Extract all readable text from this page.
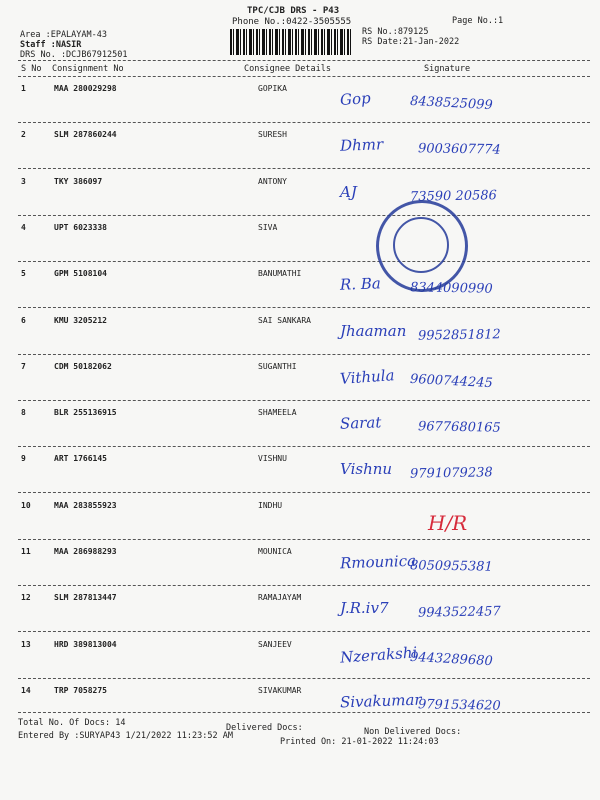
TPC/CJB DRS - P43
Phone No.:0422-3505555	Page No.:1
RS No.:879125
RS Date:21-Jan-2022
Area :EPALAYAM-43
Staff :NASIR
DRS No. :DCJB67912501
S No Consignment No	Consignee Details	Signature
1	MAA 280029298	GOPIKA
Gop	8438525099
2	SLM 287860244	SURESH
Dhmr	9003607774
3	TKY 386097	ANTONY
AJ	73590 20586
4	UPT 6023338	SIVA
5	GPM 5108104	BANUMATHI
R. Ba 8344090990
6	KMU 3205212	SAI SANKARA
Jhaaman 9952851812
7	CDM 50182062	SUGANTHI	Vithula 9600744245
8	BLR 255136915	SHAMEELA
Sarat	9677680165
9	ART 1766145	VISHNU
Vishnu 9791079238
10	MAA 283855923	INDHU
H/R
11	MAA 286988293	MOUNICA
Rmounica
8050955381
12	SLM 287813447	RAMAJAYAM
J.R.iv7 9943522457
13	HRD 389813004	SANJEEV	Nzerakshi
9443289680
14	TRP 7058275	SIVAKUMAR
Sivakumar
9791534620
Total No. Of Docs: 14	Delivered Docs:	Non Delivered Docs:
Entered By :SURYAP43 1/21/2022 11:23:52 AM
Printed On: 21-01-2022 11:24:03
